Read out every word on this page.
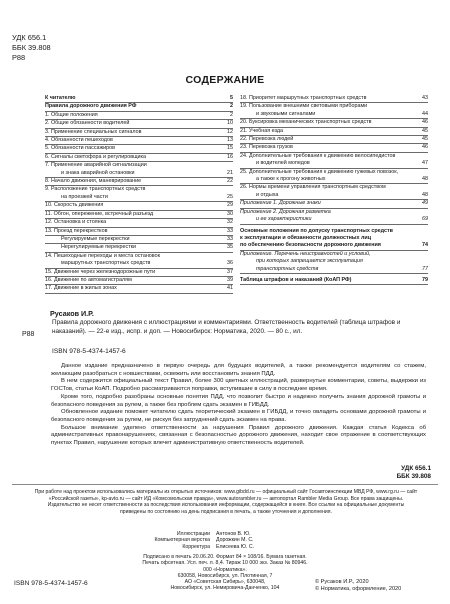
УДК 656.1
ББК 39.808
Р88
СОДЕРЖАНИЕ
К читателю	5
Правила дорожного движения РФ	2
1. Общие положения	2
2. Общие обязанности водителей	10
3. Применение специальных сигналов	12
4. Обязанности пешеходов	13
5. Обязанности пассажиров	15
6. Сигналы светофора и регулировщика	16
7. Применение аварийной сигнализации
и знака аварийной остановки	21
8. Начало движения, маневрирование	22
9. Расположение транспортных средств
на проезжей части	25
10. Скорость движения	29
11. Обгон, опережение, встречный разъезд	30
12. Остановка и стоянка	32
13. Проезд перекрестков	33
Регулируемые перекрестки	33
Нерегулируемые перекрестки	35
14. Пешеходные переходы и места остановок
маршрутных транспортных средств	36
15. Движение через железнодорожные пути	37
16. Движение по автомагистралям	39
17. Движение в жилых зонах	41
18. Приоритет маршрутных транспортных средств	43
19. Пользование внешними световыми приборами
и звуковыми сигналами	44
20. Буксировка механических транспортных средств	46
21. Учебная езда	45
22. Перевозка людей	45
23. Перевозка грузов	46
24. Дополнительные требования к движению велосипедистов
и водителей мопедов	47
25. Дополнительные требования к движению гужевых повозок,
а также к прогону животных	48
26. Нормы времени управления транспортным средством
и отдыха	48
Приложение 1. Дорожные знаки	49
Приложение 2. Дорожная разметка
и ее характеристики	69
Основные положения по допуску транспортных средств
к эксплуатации и обязанности должностных лиц
по обеспечению безопасности дорожного движения	74
Приложение. Перечень неисправностей и условий,
при которых запрещается эксплуатация
транспортных средств	77
Таблица штрафов и наказаний (КоАП РФ)	79
Русаков И.Р.
Правила дорожного движения с иллюстрациями и комментариями. Ответственность водителей (таблица штрафов и наказаний). — 22-е изд., испр. и доп. — Новосибирск: Норматика, 2020. — 80 с., ил.
Р88
ISBN 978-5-4374-1457-6

Данное издание предназначено в первую очередь для будущих водителей, а также рекомендуется водителям со стажем, желающим разобраться с новшествами, освежить или восстановить знания ПДД.

В нем содержится официальный текст Правил, более 300 цветных иллюстраций, развернутые комментарии, советы, выдержки из ГОСТов, статьи КоАП. Подробно рассматриваются поправки, вступившие в силу в последнее время.

Кроме того, подробно разобраны основные понятия ПДД, что позволит быстро и надежно получить знания дорожной грамоты и безопасного поведения за рулем, а также без проблем сдать экзамен в ГИБДД.

Обновленное издание поможет читателю сдать теоретический экзамен в ГИБДД, и точно овладеть основами дорожной грамоты и безопасного поведения за рулем, не рискуя без затруднений сдать экзамен на права.

Большое внимание уделено ответственности за нарушения Правил дорожного движения. Каждая статья Кодекса об административных правонарушениях, связанная с безопасностью дорожного движения, находит свое отражение в соответствующих пунктах Правил, нарушение которых влечет административную ответственность водителей.

УДК 656.1
ББК 39.808
При работе над проектом использовались материалы из открытых источников: www.gibdd.ru — официальный сайт Госавтоинспекции МВД РФ, www.rg.ru — сайт «Российской газеты», kp-avto.ru — сайт ИД «Комсомольская правда», www.autorambler.ru — автопортал Rambler Media Group. Все права защищены. Издательство не несет ответственности за последствия использования информации, содержащейся в книге. Все ссылки на официальные документы приведены по состоянию на день подписания в печать, а также уточнения и дополнения.
Иллюстрации	Антонов В. Ю.
Компьютерная верстка	Дорожкин М. С.
Корректура	Елисеева Ю. С.
Подписано в печать 20.06.20. Формат 84 × 108/16. Бумага газетная.
Печать офсетная. Усл. печ. л. 8,4. Тираж 10 000 экз. Заказ № 80946.
000 «Норматика».
630058, Новосибирск, ул. Плотинная, 7
АО «Советская Сибирь», 630048,
Новосибирск, ул. Немировича-Данченко, 104
ISBN 978-5-4374-1457-6	© Русаков И.Р., 2020
© Норматика, оформление, 2020
